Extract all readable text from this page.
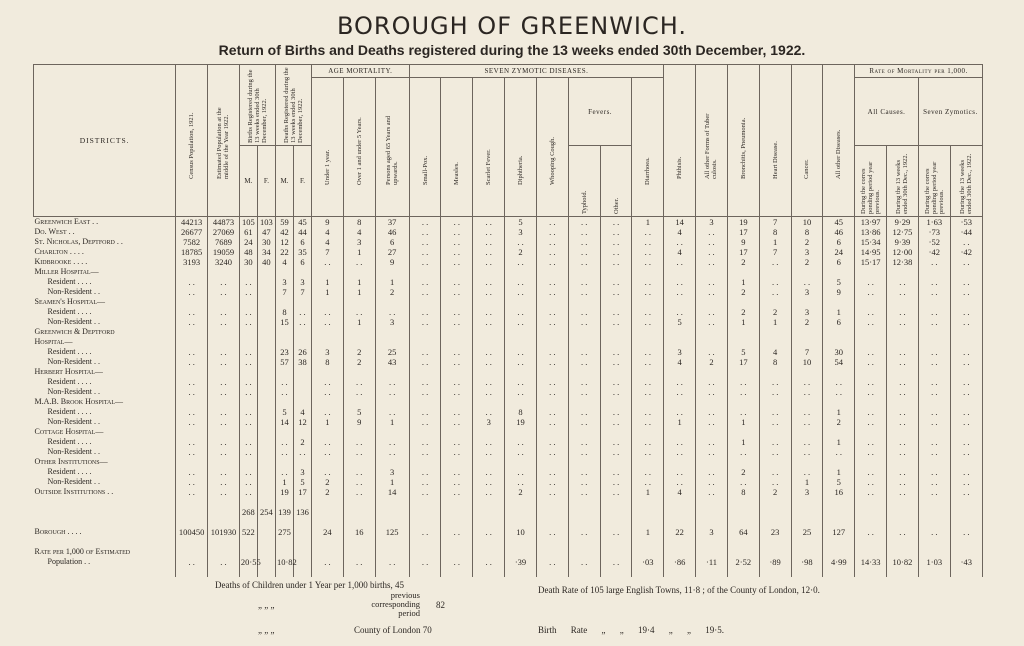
BOROUGH OF GREENWICH.
Return of Births and Deaths registered during the 13 weeks ended 30th December, 1922.
DISTRICTS.	Census Population, 1921.	Estimated Population at the middle of the Year 1922.	Births Registered during the 13 weeks ended 30th December, 1922.		Deaths Registered during the 13 weeks ended 30th December, 1922.		AGE MORTALITY.			SEVEN ZYMOTIC DISEASES.								Phthisis.	All other Forms of Tuber culosis.	Bronchitis, Pneumonia.	Heart Disease.	Cancer.	All other Diseases.	Rate of Mortality per 1,000.			
							Under 1 year.	Over 1 and under 5 Years.	Persons aged 65 Years and upwards.	Small-Pox.	Measles.	Scarlet Fever.	Diphtheria.	Whooping Cough.	Fevers.		Diarrhoea.							All Causes.		Seven Zymotics.	
			M.	F.	M.	F.									Typhoid.	Other.								During the corres ponding period year previous.	During the 13 weeks ended 30th Dec., 1922.	During the corres ponding period year previous.	During the 13 weeks ended 30th Dec., 1922.
Greenwich East . .	44213	44873	105	103	59	45	9	8	37	. .	. .	. .	5	. .	. .	. .	1	14	3	19	7	10	45	13·97	9·29	1·63	·53
Do. West . .	26677	27069	61	47	42	44	4	4	46	. .	. .	. .	3	. .	. .	. .	. .	4	. .	17	8	8	46	13·86	12·75	·73	·44
St. Nicholas, Deptford . .	7582	7689	24	30	12	6	4	3	6	. .	. .	. .	. .	. .	. .	. .	. .	. .	. .	9	1	2	6	15·34	9·39	·52	. .
Charlton . . . .	18785	19059	48	34	22	35	7	1	27	. .	. .	. .	2	. .	. .	. .	. .	4	. .	17	7	3	24	14·95	12·00	·42	·42
Kidbrooke . . . .	3193	3240	30	40	4	6	. .	. .	9	. .	. .	. .	. .	. .	. .	. .	. .	. .	. .	2	. .	2	6	15·17	12·38	. .	. .
Miller Hospital—																											
Resident . . . .	. .	. .	. .		3	3	1	1	1	. .	. .	. .	. .	. .	. .	. .	. .	. .	. .	1	. .	. .	5	. .	. .	. .	. .
Non-Resident . .	. .	. .	. .		7	7	1	1	2	. .	. .	. .	. .	. .	. .	. .	. .	. .	. .	2	. .	3	9	. .	. .	. .	. .
Seamen's Hospital—																											
Resident . . . .	. .	. .	. .		8	. .	. .	. .	. .	. .	. .	. .	. .	. .	. .	. .	. .	. .	. .	2	2	3	1	. .	. .	. .	. .
Non-Resident . .	. .	. .	. .		15	. .	. .	1	3	. .	. .	. .	. .	. .	. .	. .	. .	5	. .	1	1	2	6	. .	. .	. .	. .
Greenwich & Deptford																											
Hospital—																											
Resident . . . .	. .	. .	. .		23	26	3	2	25	. .	. .	. .	. .	. .	. .	. .	. .	3	. .	5	4	7	30	. .	. .	. .	. .
Non-Resident . .	. .	. .	. .		57	38	8	2	43	. .	. .	. .	. .	. .	. .	. .	. .	4	2	17	8	10	54	. .	. .	. .	. .
Herbert Hospital—																											
Resident . . . .	. .	. .	. .		. .		. .	. .	. .	. .	. .	. .	. .	. .	. .	. .	. .	. .	. .	. .	. .	. .	. .	. .	. .	. .	. .
Non-Resident . .	. .	. .	. .		. .		. .	. .	. .	. .	. .	. .	. .	. .	. .	. .	. .	. .	. .	. .	. .	. .	. .	. .	. .	. .	. .
M.A.B. Brook Hospital—																											
Resident . . . .	. .	. .	. .		5	4	. .	5	. .	. .	. .	. .	8	. .	. .	. .	. .	. .	. .	. .	. .	. .	1	. .	. .	. .	. .
Non-Resident . .	. .	. .	. .		14	12	1	9	1	. .	. .	3	19	. .	. .	. .	. .	1	. .	1	. .	. .	2	. .	. .	. .	. .
Cottage Hospital—																											
Resident . . . .	. .	. .	. .		. .	2	. .	. .	. .	. .	. .	. .	. .	. .	. .	. .	. .	. .	. .	1	. .	. .	1	. .	. .	. .	. .
Non-Resident . .	. .	. .	. .		. .	. .	. .	. .	. .	. .	. .	. .	. .	. .	. .	. .	. .	. .	. .	. .	. .	. .	. .	. .	. .	. .	. .
Other Institutions—																											
Resident . . . .	. .	. .	. .		. .	3	. .	. .	3	. .	. .	. .	. .	. .	. .	. .	. .	. .	. .	2	. .	. .	1	. .	. .	. .	. .
Non-Resident . .	. .	. .	. .		1	5	2	. .	1	. .	. .	. .	. .	. .	. .	. .	. .	. .	. .	. .	. .	1	5	. .	. .	. .	. .
Outside Institutions . .	. .	. .	. .		19	17	2	. .	14	. .	. .	. .	2	. .	. .	. .	1	4	. .	8	2	3	16	. .	. .	. .	. .

			268	254	139	136																					

Borough . . . .	100450	101930	522		275		24	16	125	. .	. .	. .	10	. .	. .	. .	1	22	3	64	23	25	127	. .	. .	. .	. .

Rate per 1,000 of Estimated																											
Population . .	. .	. .	20·55		10·82		. .	. .	. .	. .	. .	. .	·39	. .	. .	. .	·03	·86	·11	2·52	·89	·98	4·99	14·33	10·82	1·03	·43

Deaths of Children under 1 Year per 1,000 births, 45
„ „ „
previous corresponding period
82
„ „ „	County of London 70
Death Rate of 105 large English Towns, 11·8 ; of the County of London, 12·0.
Birth Rate „ „ 19·4 „ „ 19·5.
